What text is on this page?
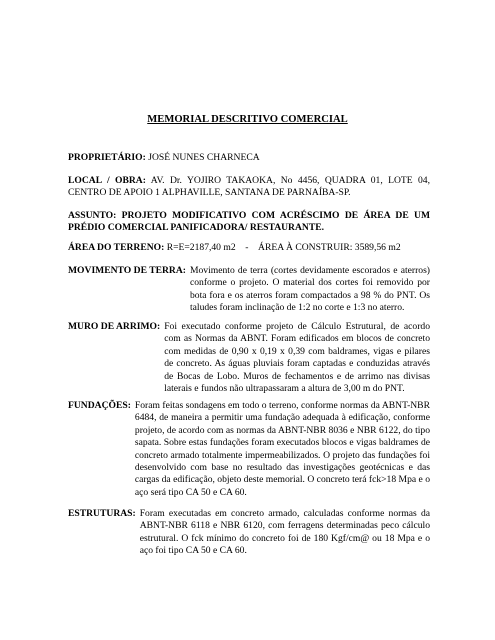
MEMORIAL DESCRITIVO COMERCIAL
PROPRIETÁRIO: JOSÉ NUNES CHARNECA
LOCAL / OBRA: AV. Dr. YOJIRO TAKAOKA, No 4456, QUADRA 01, LOTE 04, CENTRO DE APOIO 1 ALPHAVILLE, SANTANA DE PARNAÍBA-SP.
ASSUNTO: PROJETO MODIFICATIVO COM ACRÉSCIMO DE ÁREA DE UM PRÉDIO COMERCIAL PANIFICADORA/ RESTAURANTE.
ÁREA DO TERRENO: R=E=2187,40 m2 - ÁREA À CONSTRUIR: 3589,56 m2
MOVIMENTO DE TERRA: Movimento de terra (cortes devidamente escorados e aterros) conforme o projeto. O material dos cortes foi removido por bota fora e os aterros foram compactados a 98 % do PNT. Os taludes foram inclinação de 1:2 no corte e 1:3 no aterro.
MURO DE ARRIMO: Foi executado conforme projeto de Cálculo Estrutural, de acordo com as Normas da ABNT. Foram edificados em blocos de concreto com medidas de 0,90 x 0,19 x 0,39 com baldrames, vigas e pilares de concreto. As águas pluviais foram captadas e conduzidas através de Bocas de Lobo. Muros de fechamentos e de arrimo nas divisas laterais e fundos não ultrapassaram a altura de 3,00 m do PNT.
FUNDAÇÕES: Foram feitas sondagens em todo o terreno, conforme normas da ABNT-NBR 6484, de maneira a permitir uma fundação adequada à edificação, conforme projeto, de acordo com as normas da ABNT-NBR 8036 e NBR 6122, do tipo sapata. Sobre estas fundações foram executados blocos e vigas baldrames de concreto armado totalmente impermeabilizados. O projeto das fundações foi desenvolvido com base no resultado das investigações geotécnicas e das cargas da edificação, objeto deste memorial. O concreto terá fck>18 Mpa e o aço será tipo CA 50 e CA 60.
ESTRUTURAS: Foram executadas em concreto armado, calculadas conforme normas da ABNT-NBR 6118 e NBR 6120, com ferragens determinadas peco cálculo estrutural. O fck mínimo do concreto foi de 180 Kgf/cm@ ou 18 Mpa e o aço foi tipo CA 50 e CA 60.
